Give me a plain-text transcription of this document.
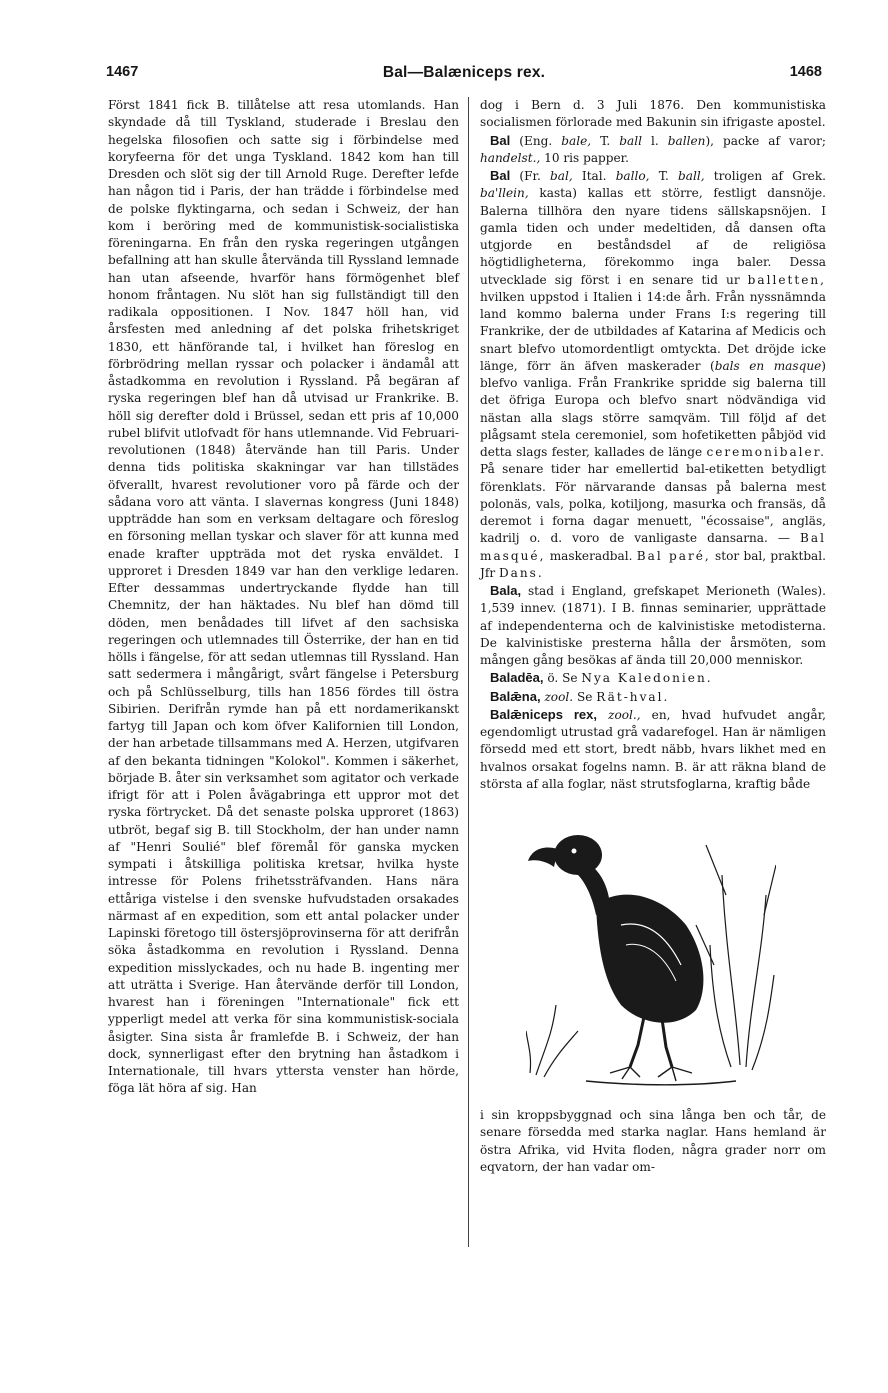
1467	Bal—Balæniceps rex.	1468

Först 1841 fick B. tillåtelse att resa utomlands. Han skyndade då till Tyskland, studerade i Breslau den hegelska filosofien och satte sig i förbindelse med koryfeerna för det unga Tyskland. 1842 kom han till Dresden och slöt sig der till Arnold Ruge. Derefter lefde han någon tid i Paris, der han trädde i förbindelse med de polske flyktingarna, och sedan i Schweiz, der han kom i beröring med de kommunistisk-socialistiska föreningarna. En från den ryska regeringen utgången befallning att han skulle återvända till Ryssland lemnade han utan afseende, hvarför hans förmögenhet blef honom fråntagen. Nu slöt han sig fullständigt till den radikala oppositionen. I Nov. 1847 höll han, vid årsfesten med anledning af det polska frihetskriget 1830, ett hänförande tal, i hvilket han föreslog en förbrödring mellan ryssar och polacker i ändamål att åstadkomma en revolution i Ryssland. På begäran af ryska regeringen blef han då utvisad ur Frankrike. B. höll sig derefter dold i Brüssel, sedan ett pris af 10,000 rubel blifvit utlofvadt för hans utlemnande. Vid Februari-revolutionen (1848) återvände han till Paris. Under denna tids politiska skakningar var han tillstädes öfverallt, hvarest revolutioner voro på färde och der sådana voro att vänta. I slavernas kongress (Juni 1848) uppträdde han som en verksam deltagare och föreslog en försoning mellan tyskar och slaver för att kunna med enade krafter uppträda mot det ryska enväldet. I upproret i Dresden 1849 var han den verklige ledaren. Efter dessammas undertryckande flydde han till Chemnitz, der han häktades. Nu blef han dömd till döden, men benådades till lifvet af den sachsiska regeringen och utlemnades till Österrike, der han en tid hölls i fängelse, för att sedan utlemnas till Ryssland. Han satt sedermera i mångårigt, svårt fängelse i Petersburg och på Schlüsselburg, tills han 1856 fördes till östra Sibirien. Derifrån rymde han på ett nordamerikanskt fartyg till Japan och kom öfver Kalifornien till London, der han arbetade tillsammans med A. Herzen, utgifvaren af den bekanta tidningen "Kolokol". Kommen i säkerhet, började B. åter sin verksamhet som agitator och verkade ifrigt för att i Polen åvägabringa ett uppror mot det ryska förtrycket. Då det senaste polska upproret (1863) utbröt, begaf sig B. till Stockholm, der han under namn af "Henri Soulié" blef föremål för ganska mycken sympati i åtskilliga politiska kretsar, hvilka hyste intresse för Polens frihetssträfvanden. Hans nära ettåriga vistelse i den svenske hufvudstaden orsakades närmast af en expedition, som ett antal polacker under Lapinski företogo till östersjöprovinserna för att derifrån söka åstadkomma en revolution i Ryssland. Denna expedition misslyckades, och nu hade B. ingenting mer att uträtta i Sverige. Han återvände derför till London, hvarest han i föreningen "Internationale" fick ett ypperligt medel att verka för sina kommunistisk-sociala åsigter. Sina sista år framlefde B. i Schweiz, der han dock, synnerligast efter den brytning han åstadkom i Internationale, till hvars yttersta venster han hörde, föga lät höra af sig. Han

dog i Bern d. 3 Juli 1876. Den kommunistiska socialismen förlorade med Bakunin sin ifrigaste apostel.

Bal (Eng. bale, T. ball l. ballen), packe af varor; handelst., 10 ris papper.

Bal (Fr. bal, Ital. ballo, T. ball, troligen af Grek. ba'llein, kasta) kallas ett större, festligt dansnöje. Balerna tillhöra den nyare tidens sällskapsnöjen. I gamla tiden och under medeltiden, då dansen ofta utgjorde en beståndsdel af de religiösa högtidligheterna, förekommo inga baler. Dessa utvecklade sig först i en senare tid ur balletten, hvilken uppstod i Italien i 14:de årh. Från nyssnämnda land kommo balerna under Frans I:s regering till Frankrike, der de utbildades af Katarina af Medicis och snart blefvo utomordentligt omtyckta. Det dröjde icke länge, förr än äfven maskerader (bals en masque) blefvo vanliga. Från Frankrike spridde sig balerna till det öfriga Europa och blefvo snart nödvändiga vid nästan alla slags större samqväm. Till följd af det plågsamt stela ceremoniel, som hofetiketten påbjöd vid detta slags fester, kallades de länge ceremonibaler. På senare tider har emellertid bal-etiketten betydligt förenklats. För närvarande dansas på balerna mest polonäs, vals, polka, kotiljong, masurka och fransäs, då deremot i forna dagar menuett, "écossaise", angläs, kadrilj o. d. voro de vanligaste dansarna. — Bal masqué, maskeradbal. Bal paré, stor bal, praktbal. Jfr Dans.

Bala, stad i England, grefskapet Merioneth (Wales). 1,539 innev. (1871). I B. finnas seminarier, upprättade af independenterna och de kalvinistiske metodisterna. De kalvinistiske presterna hålla der årsmöten, som mången gång besökas af ända till 20,000 menniskor.

Baladēa, ö. Se Nya Kaledonien.

Balǣna, zool. Se Rät-hval.

Balǣniceps rex, zool., en, hvad hufvudet angår, egendomligt utrustad grå vadarefogel. Han är nämligen försedd med ett stort, bredt näbb, hvars likhet med en hvalnos orsakat fogelns namn. B. är att räkna bland de största af alla foglar, näst strutsfoglarna, kraftig både

i sin kroppsbyggnad och sina långa ben och tår, de senare försedda med starka naglar. Hans hemland är östra Afrika, vid Hvita floden, några grader norr om eqvatorn, der han vadar om-
